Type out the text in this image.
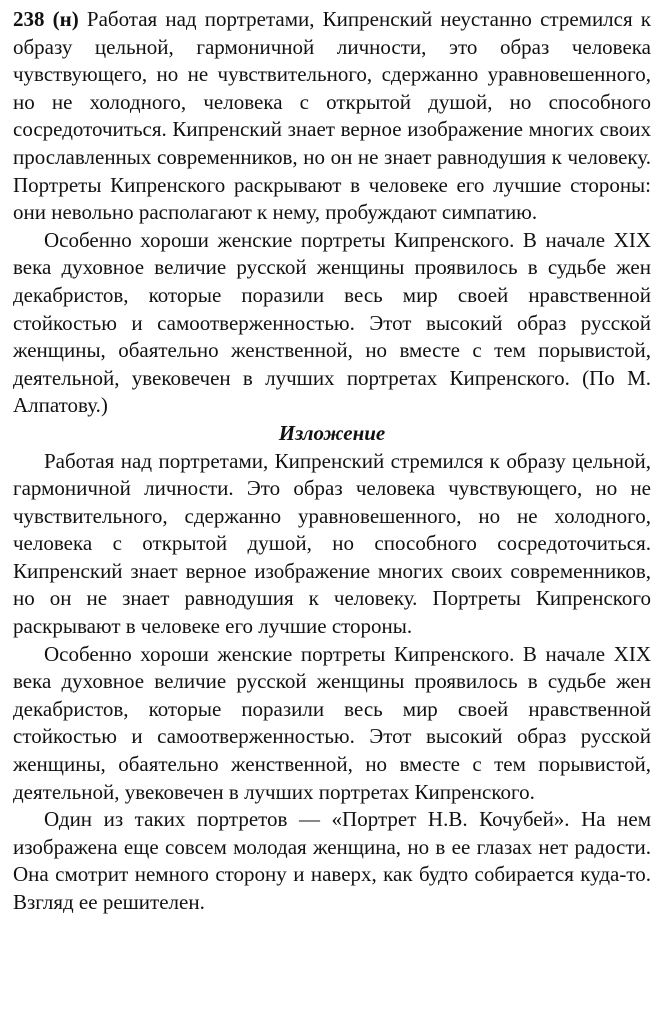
238 (н) Работая над портретами, Кипренский неустанно стремился к образу цельной, гармоничной личности, это образ человека чувствующего, но не чувствительного, сдержанно уравновешенного, но не холодного, человека с открытой душой, но способного сосредоточиться. Кипренский знает верное изображение многих своих прославленных современников, но он не знает равнодушия к человеку. Портреты Кипренского раскрывают в человеке его лучшие стороны: они невольно располагают к нему, пробуждают симпатию.

Особенно хороши женские портреты Кипренского. В начале XIX века духовное величие русской женщины проявилось в судьбе жен декабристов, которые поразили весь мир своей нравственной стойкостью и самоотверженностью. Этот высокий образ русской женщины, обаятельно женственной, но вместе с тем порывистой, деятельной, увековечен в лучших портретах Кипренского. (По М. Алпатову.)

Изложение

Работая над портретами, Кипренский стремился к образу цельной, гармоничной личности. Это образ человека чувствующего, но не чувствительного, сдержанно уравновешенного, но не холодного, человека с открытой душой, но способного сосредоточиться. Кипренский знает верное изображение многих своих современников, но он не знает равнодушия к человеку. Портреты Кипренского раскрывают в человеке его лучшие стороны.

Особенно хороши женские портреты Кипренского. В начале XIX века духовное величие русской женщины проявилось в судьбе жен декабристов, которые поразили весь мир своей нравственной стойкостью и самоотверженностью. Этот высокий образ русской женщины, обаятельно женственной, но вместе с тем порывистой, деятельной, увековечен в лучших портретах Кипренского.

Один из таких портретов — «Портрет Н.В. Кочубей». На нем изображена еще совсем молодая женщина, но в ее глазах нет радости. Она смотрит немного сторону и наверх, как будто собирается куда-то. Взгляд ее решителен.
